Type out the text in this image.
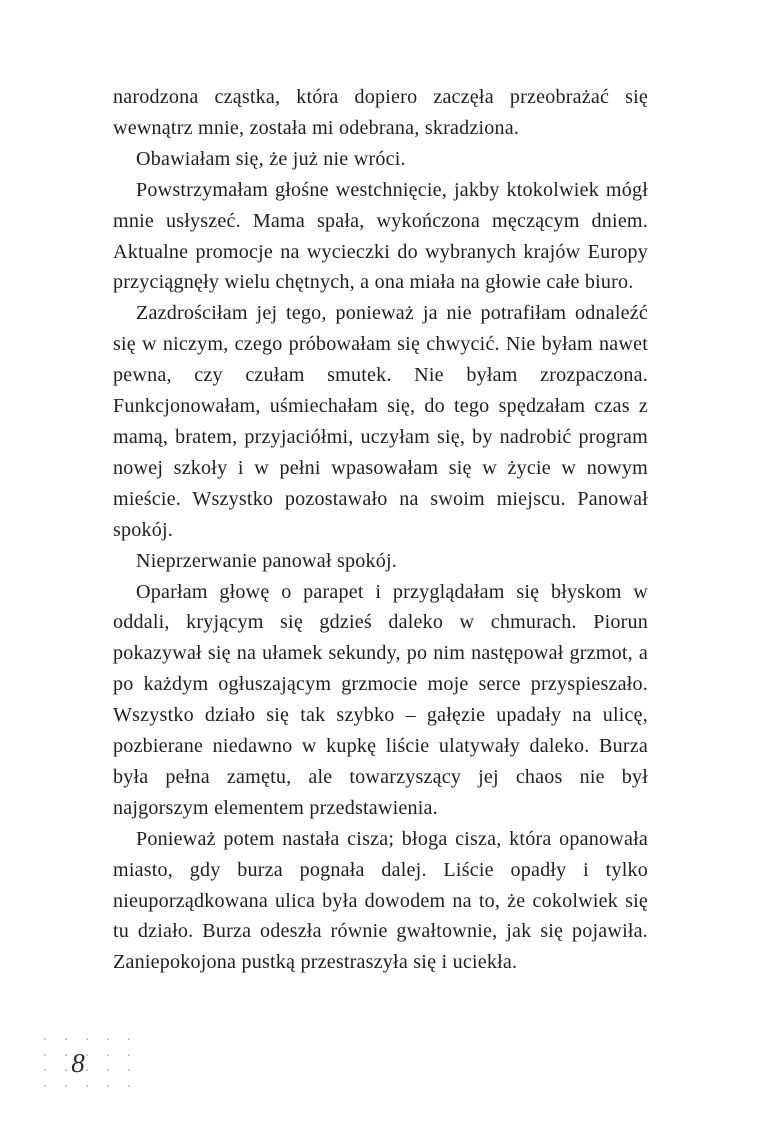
narodzona cząstka, która dopiero zaczęła przeobrażać się wewnątrz mnie, została mi odebrana, skradziona.

Obawiałam się, że już nie wróci.

Powstrzymałam głośne westchnięcie, jakby ktokolwiek mógł mnie usłyszeć. Mama spała, wykończona męczącym dniem. Aktualne promocje na wycieczki do wybranych krajów Europy przyciągnęły wielu chętnych, a ona miała na głowie całe biuro.

Zazdrościłam jej tego, ponieważ ja nie potrafiłam odnaleźć się w niczym, czego próbowałam się chwycić. Nie byłam nawet pewna, czy czułam smutek. Nie byłam zrozpaczona. Funkcjonowałam, uśmiechałam się, do tego spędzałam czas z mamą, bratem, przyjaciółmi, uczyłam się, by nadrobić program nowej szkoły i w pełni wpasowałam się w życie w nowym mieście. Wszystko pozostawało na swoim miejscu. Panował spokój.

Nieprzerwanie panował spokój.

Oparłam głowę o parapet i przyglądałam się błyskom w oddali, kryjącym się gdzieś daleko w chmurach. Piorun pokazywał się na ułamek sekundy, po nim następował grzmot, a po każdym ogłuszającym grzmocie moje serce przyspieszało. Wszystko działo się tak szybko – gałęzie upadały na ulicę, pozbierane niedawno w kupkę liście ulatywały daleko. Burza była pełna zamętu, ale towarzyszący jej chaos nie był najgorszym elementem przedstawienia.

Ponieważ potem nastała cisza; błoga cisza, która opanowała miasto, gdy burza pognała dalej. Liście opadły i tylko nieuporządkowana ulica była dowodem na to, że cokolwiek się tu działo. Burza odeszła równie gwałtownie, jak się pojawiła. Zaniepokojona pustką przestraszyła się i uciekła.

8
